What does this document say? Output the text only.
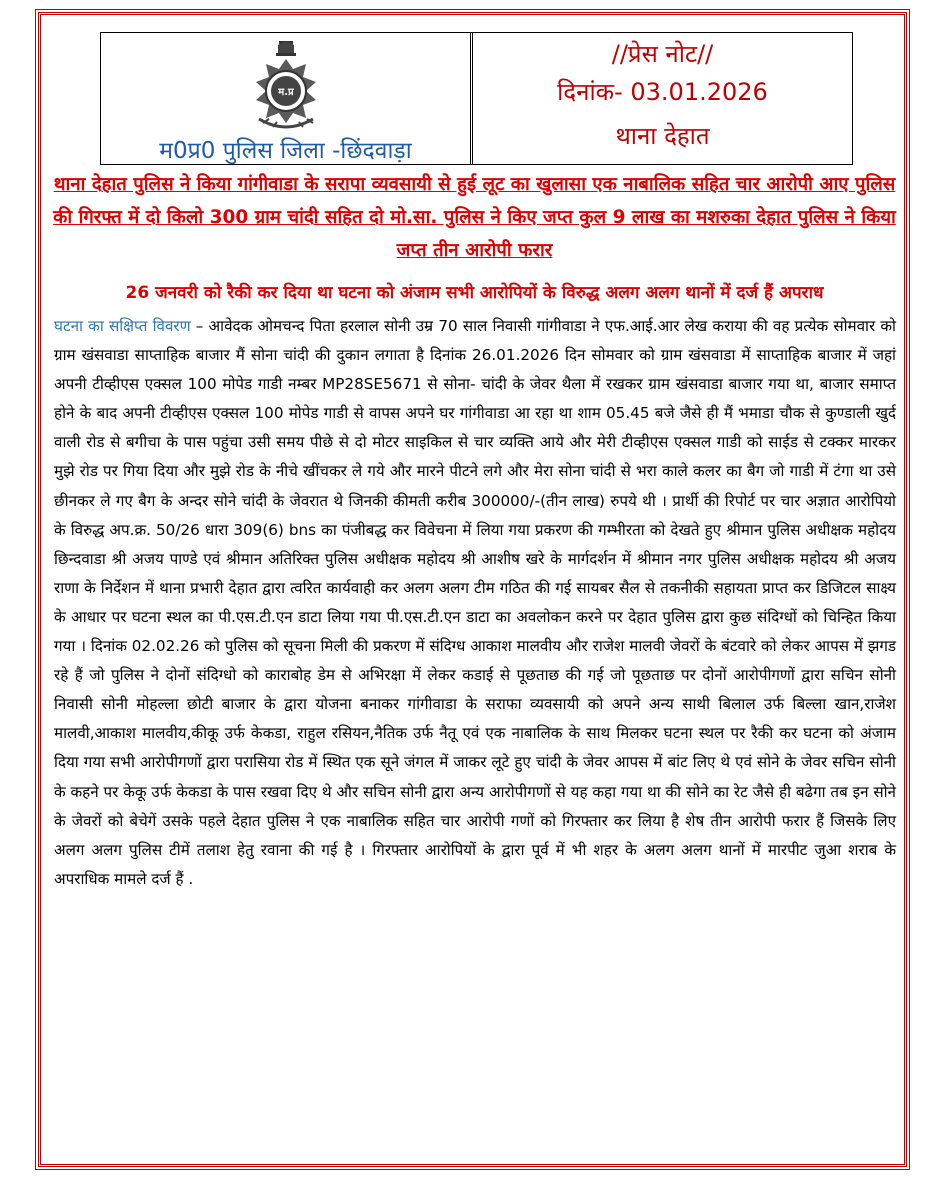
म.प्र
म0प्र0 पुलिस जिला -छिंदवाड़ा
//प्रेस नोट//
दिनांक- 03.01.2026
थाना देहात
थाना देहात पुलिस ने किया गांगीवाडा के सरापा व्यवसायी से हुई लूट का खुलासा एक नाबालिक सहित चार आरोपी आए पुलिस की गिरफ्त में दो किलो 300 ग्राम चांदी सहित दो मो.सा. पुलिस ने किए जप्त कुल 9 लाख का मशरुका देहात पुलिस ने किया जप्त तीन आरोपी फरार
26 जनवरी को रैकी कर दिया था घटना को अंजाम सभी आरोपियों के विरुद्ध अलग अलग थानों में दर्ज हैं अपराध
घटना का सक्षिप्त विवरण – आवेदक ओमचन्द पिता हरलाल सोनी उम्र 70 साल निवासी गांगीवाडा ने एफ.आई.आर लेख कराया की वह प्रत्येक सोमवार को ग्राम खंसवाडा साप्ताहिक बाजार मैं सोना चांदी की दुकान लगाता है दिनांक 26.01.2026 दिन सोमवार को ग्राम खंसवाडा में साप्ताहिक बाजार में जहां अपनी टीव्हीएस एक्सल 100 मोपेड गाडी नम्बर MP28SE5671 से सोना- चांदी के जेवर थैला में रखकर ग्राम खंसवाडा बाजार गया था, बाजार समाप्त होने के बाद अपनी टीव्हीएस एक्सल 100 मोपेड गाडी से वापस अपने घर गांगीवाडा आ रहा था शाम 05.45 बजे जैसे ही मैं भमाडा चौक से कुण्डाली खुर्द वाली रोड से बगीचा के पास पहुंचा उसी समय पीछे से दो मोटर साइकिल से चार व्यक्ति आये और मेरी टीव्हीएस एक्सल गाडी को साईड से टक्कर मारकर मुझे रोड पर गिया दिया और मुझे रोड के नीचे खींचकर ले गये और मारने पीटने लगे और मेरा सोना चांदी से भरा काले कलर का बैग जो गाडी में टंगा था उसे छीनकर ले गए बैग के अन्दर सोने चांदी के जेवरात थे जिनकी कीमती करीब 300000/-(तीन लाख) रुपये थी । प्रार्थी की रिपोर्ट पर चार अज्ञात आरोपियो के विरुद्ध अप.क्र. 50/26 धारा 309(6) bns का पंजीबद्ध कर विवेचना में लिया गया प्रकरण की गम्भीरता को देखते हुए श्रीमान पुलिस अधीक्षक महोदय छिन्दवाडा श्री अजय पाण्डे एवं श्रीमान अतिरिक्त पुलिस अधीक्षक महोदय श्री आशीष खरे के मार्गदर्शन में श्रीमान नगर पुलिस अधीक्षक महोदय श्री अजय राणा के निर्देशन में थाना प्रभारी देहात द्वारा त्वरित कार्यवाही कर अलग अलग टीम गठित की गई सायबर सैल से तकनीकी सहायता प्राप्त कर डिजिटल साक्ष्य के आधार पर घटना स्थल का पी.एस.टी.एन डाटा लिया गया पी.एस.टी.एन डाटा का अवलोकन करने पर देहात पुलिस द्वारा कुछ संदिग्धों को चिन्हित किया गया । दिनांक 02.02.26 को पुलिस को सूचना मिली की प्रकरण में संदिग्ध आकाश मालवीय और राजेश मालवी जेवरों के बंटवारे को लेकर आपस में झगड रहे हैं जो पुलिस ने दोनों संदिग्धो को काराबोह डेम से अभिरक्षा में लेकर कडाई से पूछताछ की गई जो पूछताछ पर दोनों आरोपीगणों द्वारा सचिन सोनी निवासी सोनी मोहल्ला छोटी बाजार के द्वारा योजना बनाकर गांगीवाडा के सराफा व्यवसायी को अपने अन्य साथी बिलाल उर्फ बिल्ला खान,राजेश मालवी,आकाश मालवीय,कीकू उर्फ केकडा, राहुल रसियन,नैतिक उर्फ नैतू एवं एक नाबालिक के साथ मिलकर घटना स्थल पर रैकी कर घटना को अंजाम दिया गया सभी आरोपीगणों द्वारा परासिया रोड में स्थित एक सूने जंगल में जाकर लूटे हुए चांदी के जेवर आपस में बांट लिए थे एवं सोने के जेवर सचिन सोनी के कहने पर केकू उर्फ केकडा के पास रखवा दिए थे और सचिन सोनी द्वारा अन्य आरोपीगणों से यह कहा गया था की सोने का रेट जैसे ही बढेगा तब इन सोने के जेवरों को बेचेगें उसके पहले देहात पुलिस ने एक नाबालिक सहित चार आरोपी गणों को गिरफ्तार कर लिया है शेष तीन आरोपी फरार हैं जिसके लिए अलग अलग पुलिस टीमें तलाश हेतु रवाना की गई है । गिरफ्तार आरोपियों के द्वारा पूर्व में भी शहर के अलग अलग थानों में मारपीट जुआ शराब के अपराधिक मामले दर्ज हैं .
